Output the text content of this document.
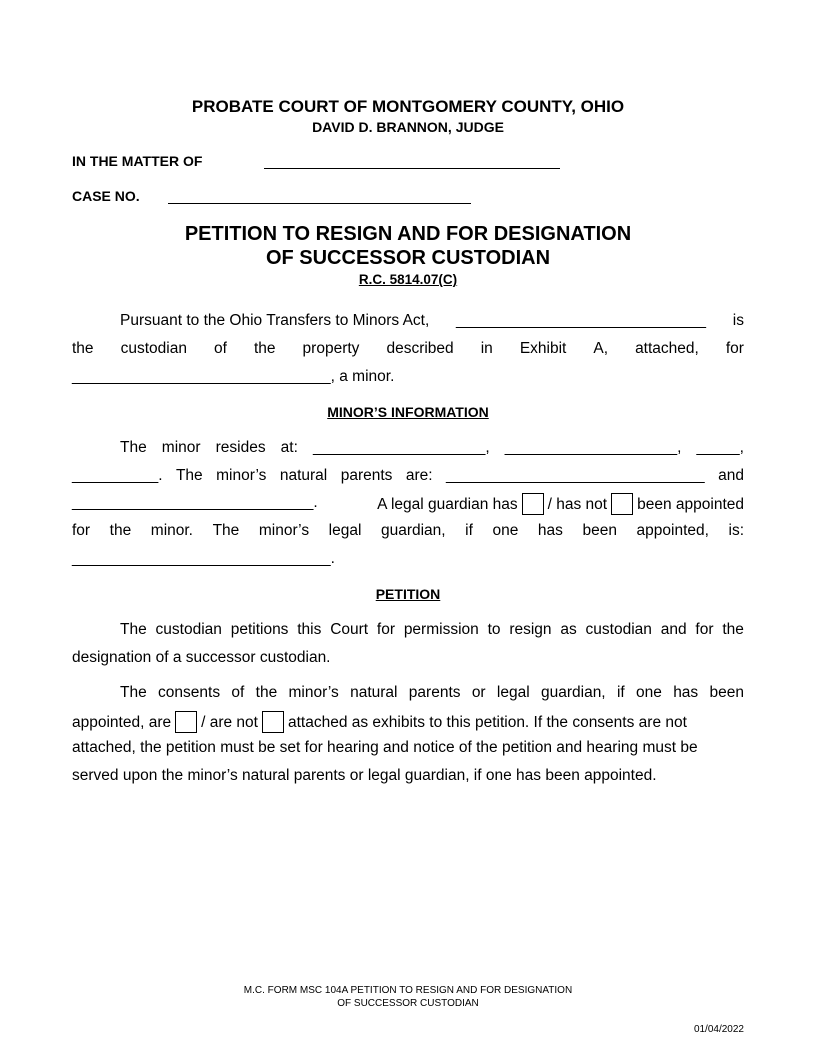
PROBATE COURT OF MONTGOMERY COUNTY, OHIO
DAVID D. BRANNON, JUDGE
IN THE MATTER OF
CASE NO.
PETITION TO RESIGN AND FOR DESIGNATION
OF SUCCESSOR CUSTODIAN
R.C. 5814.07(C)
Pursuant to the Ohio Transfers to Minors Act, _____________________________ is
the custodian of the property described in Exhibit A, attached, for
______________________________, a minor.
MINOR’S INFORMATION
The minor resides at: ____________________, ____________________, _____,
__________. The minor’s natural parents are: ______________________________ and
____________________________.	A legal guardian has / has not been appointed
for the minor. The minor’s legal guardian, if one has been appointed, is:
______________________________.
PETITION
The custodian petitions this Court for permission to resign as custodian and for the
designation of a successor custodian.
The consents of the minor’s natural parents or legal guardian, if one has been
appointed, are / are not attached as exhibits to this petition. If the consents are not
attached, the petition must be set for hearing and notice of the petition and hearing must be
served upon the minor’s natural parents or legal guardian, if one has been appointed.
M.C. FORM MSC 104A PETITION TO RESIGN AND FOR DESIGNATION
OF SUCCESSOR CUSTODIAN
01/04/2022
